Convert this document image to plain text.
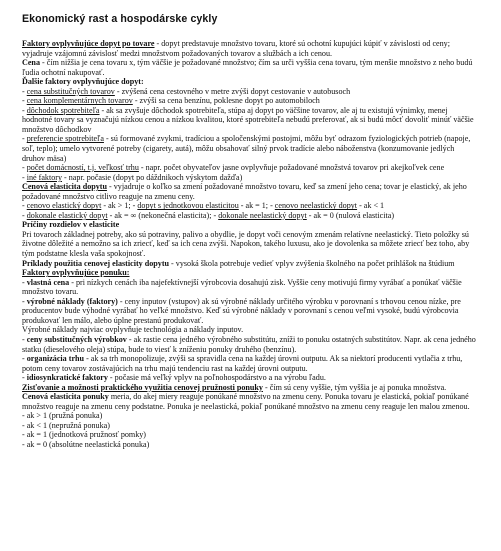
Ekonomický rast a hospodárske cykly

Faktory ovplyvňujúce dopyt po tovare - dopyt predstavuje množstvo tovaru, ktoré sú ochotní kupujúci kúpiť v závislosti od ceny; vyjadruje vzájomnú závislosť medzi množstvom požadovaných tovarov a službách a ich cenou.

Cena - čím nižšia je cena tovaru x, tým väčšie je požadované množstvo; čím sa urči vyššia cena tovaru, tým menšie množstvo z neho budú ľudia ochotní nakupovať.

Ďalšie faktory ovplyvňujúce dopyt:

- cena substitučných tovarov - zvýšená cena cestovného v metre zvýši dopyt cestovanie v autobusoch

- cena komplementárnych tovarov - zvýši sa cena benzínu, poklesne dopyt po automobiloch

- dôchodok spotrebiteľa - ak sa zvyšuje dôchodok spotrebiteľa, stúpa aj dopyt po väčšine tovarov, ale aj tu existujú výnimky, menej hodnotné tovary sa vyznačujú nízkou cenou a nízkou kvalitou, ktoré spotrebiteľa nebudú preferovať, ak si budú môcť dovoliť minúť väčšie množstvo dôchodkov

- preferencie spotrebiteľa - sú formované zvykmi, tradíciou a spoločenskými postojmi, môžu byť odrazom fyziologických potrieb (napoje, soľ, teplo); umelo vytvorené potreby (cigarety, autá), môžu obsahovať silný prvok tradície alebo náboženstva (konzumovanie jedlých druhov mäsa)

- počet domácností, t.j. veľkosť trhu - napr. počet obyvateľov jasne ovplyvňuje požadované množstvá tovarov pri akejkoľvek cene

- iné faktory - napr. počasie (dopyt po dáždnikoch výskytom dažďa)

Cenová elasticita dopytu - vyjadruje o koľko sa zmení požadované množstvo tovaru, keď sa zmení jeho cena; tovar je elastický, ak jeho požadované množstvo citlivo reaguje na zmenu ceny.

- cenovo elastický dopyt - ak > 1; - dopyt s jednotkovou elasticitou - ak = 1; - cenovo neelastický dopyt - ak < 1

- dokonale elastický dopyt - ak = ∞ (nekonečná elasticita); - dokonale neelastický dopyt - ak = 0 (nulová elasticita)

Príčiny rozdielov v elasticite

Pri tovaroch základnej potreby, ako sú potraviny, palivo a obydlie, je dopyt voči cenovým zmenám relatívne neelastický. Tieto položky sú životne dôležité a nemožno sa ich zriecť, keď sa ich cena zvýši. Napokon, takého luxusu, ako je dovolenka sa môžete zriecť bez toho, aby tým podstatne klesla vaša spokojnosť.

Príklady použitia cenovej elasticity dopytu - vysoká škola potrebuje vedieť vplyv zvýšenia školného na počet prihlášok na štúdium

Faktory ovplyvňujúce ponuku:

- vlastná cena - pri nízkych cenách iba najefektívnejší výrobcovia dosahujú zisk. Vyššie ceny motivujú firmy vyrábať a ponúkať väčšie množstvo tovaru.

- výrobné náklady (faktory) - ceny inputov (vstupov) ak sú výrobné náklady určitého výrobku v porovnaní s trhovou cenou nízke, pre producentov bude výhodné vyrábať ho veľké množstvo. Keď sú výrobné náklady v porovnaní s cenou veľmi vysoké, budú výrobcovia produkovať len málo, alebo úplne prestanú produkovať.

Výrobné náklady najviac ovplyvňuje technológia a náklady inputov.

- ceny substitučných výrobkov - ak rastie cena jedného výrobného substitútu, zníži to ponuku ostatných substitútov. Napr. ak cena jedného statku (dieselového oleja) stúpa, bude to viesť k zníženiu ponuky druhého (benzínu).

- organizácia trhu - ak sa trh monopolizuje, zvýši sa spravidla cena na každej úrovni outputu. Ak sa niektorí producenti vytlačia z trhu, potom ceny tovarov zostávajúcich na trhu majú tendenciu rast na každej úrovni outputu.

- idiosynkratické faktory - počasie má veľký vplyv na poľnohospodárstvo a na výrobu ľadu.

Zisťovanie a možnosti praktického využitia cenovej pružnosti ponuky - čím sú ceny vyššie, tým vyššia je aj ponuka množstva.

Cenová elasticita ponuky meria, do akej miery reaguje ponúkané množstvo na zmenu ceny. Ponuka tovaru je elastická, pokiaľ ponúkané množstvo reaguje na zmenu ceny podstatne. Ponuka je neelastická, pokiaľ ponúkané množstvo na zmenu ceny reaguje len malou zmenou.

- ak > 1 (pružná ponuka)

- ak < 1 (nepružná ponuka)

- ak = 1 (jednotková pružnosť pomky)

- ak = 0 (absolútne neelastická ponuka)
